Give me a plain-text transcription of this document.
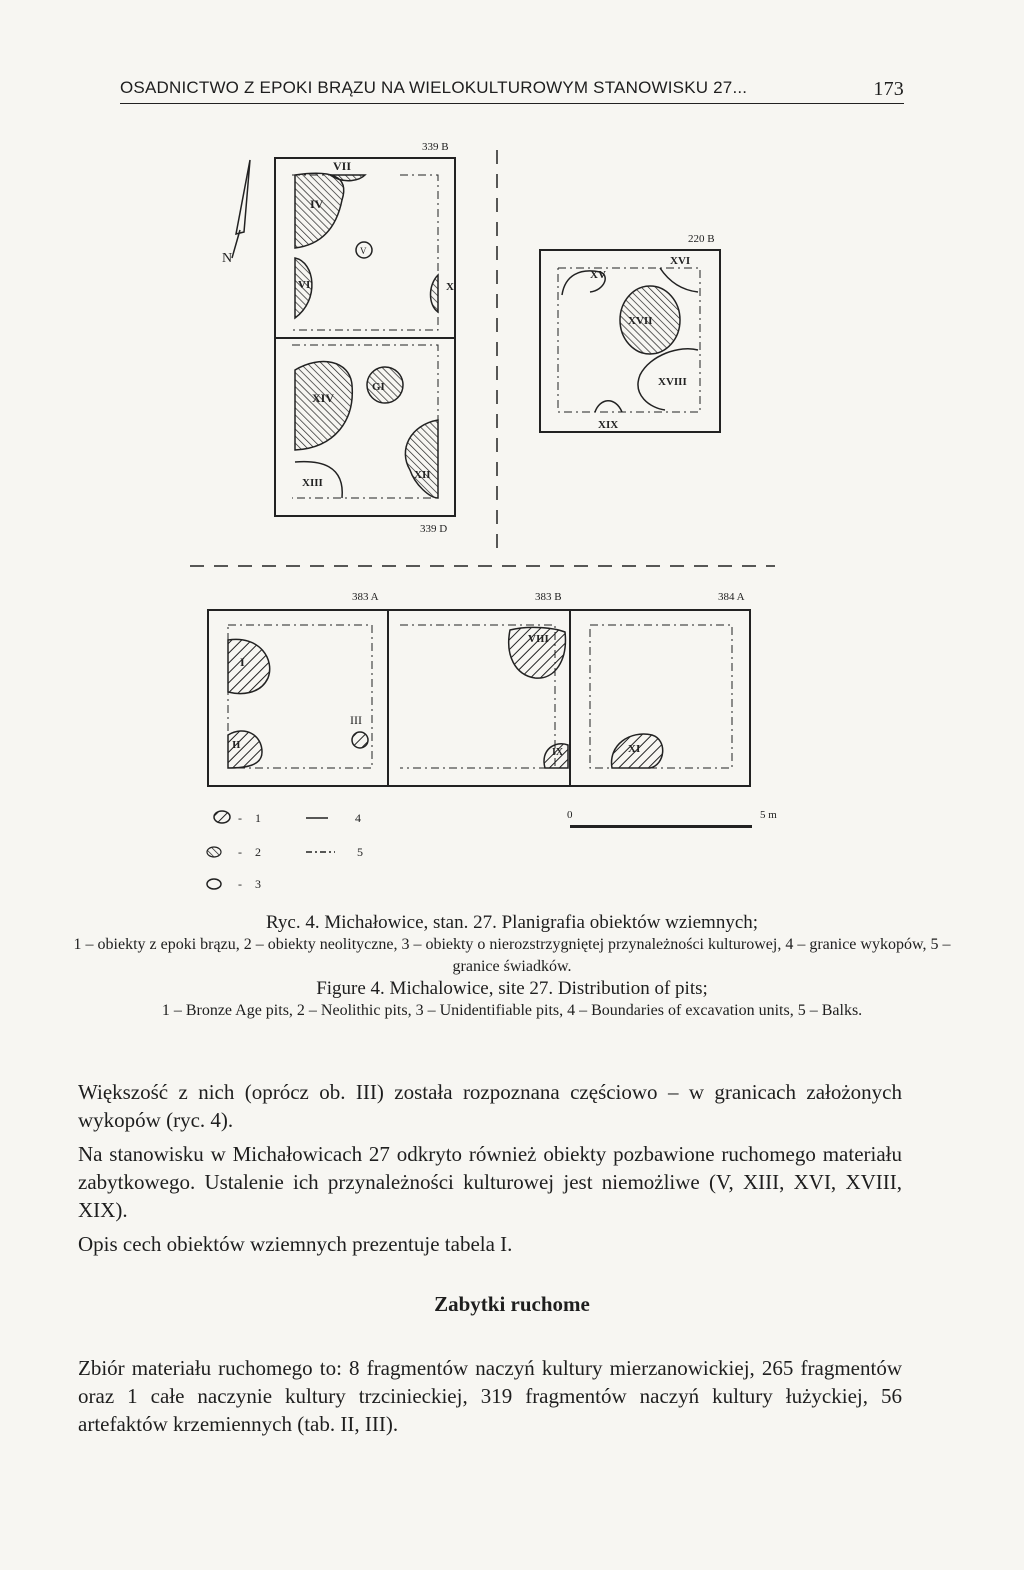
OSADNICTWO Z EPOKI BRĄZU NA WIELOKULTUROWYM STANOWISKU 27...	173
N
339 B
339 D
VII
IV
V
VI	X
XIV
GI
XII
XIII
220 B
XV
XVI
XVII
XVIII
XIX
383 A	383 B	384 A
I
II
III
VIII
IX	XI
- 1
- 2
- 3
4
5
0	5 m
Ryc. 4. Michałowice, stan. 27. Planigrafia obiektów wziemnych;
1 – obiekty z epoki brązu, 2 – obiekty neolityczne, 3 – obiekty o nierozstrzygniętej przynależności kulturowej, 4 – granice wykopów, 5 – granice świadków.
Figure 4. Michalowice, site 27. Distribution of pits;
1 – Bronze Age pits, 2 – Neolithic pits, 3 – Unidentifiable pits, 4 – Boundaries of excavation units, 5 – Balks.
Większość z nich (oprócz ob. III) została rozpoznana częściowo – w granicach założonych wykopów (ryc. 4).
Na stanowisku w Michałowicach 27 odkryto również obiekty pozbawione ruchomego materiału zabytkowego. Ustalenie ich przynależności kulturowej jest niemożliwe (V, XIII, XVI, XVIII, XIX).
Opis cech obiektów wziemnych prezentuje tabela I.
Zabytki ruchome
Zbiór materiału ruchomego to: 8 fragmentów naczyń kultury mierzanowickiej, 265 fragmentów oraz 1 całe naczynie kultury trzcinieckiej, 319 fragmentów naczyń kultury łużyckiej, 56 artefaktów krzemiennych (tab. II, III).
